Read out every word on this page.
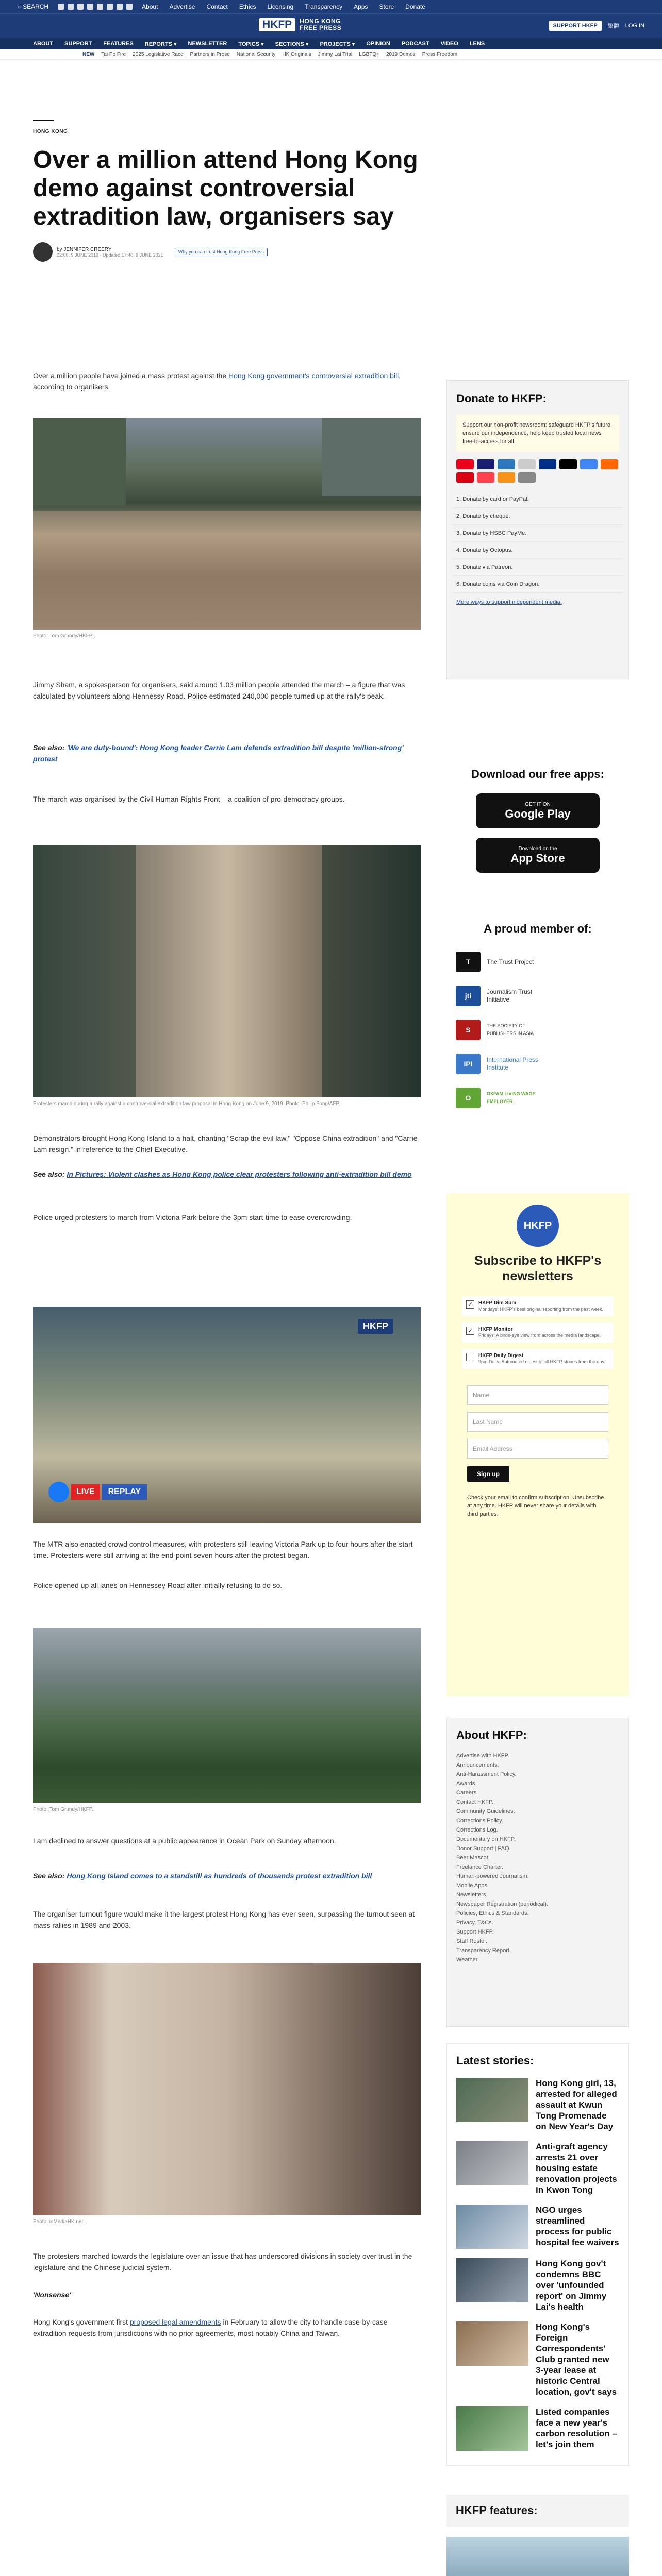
⌕ SEARCH	About Advertise Contact Ethics Licensing Transparency Apps Store Donate
HKFP	HONG KONG
FREE PRESS	SUPPORT HKFP	繁體 LOG IN
ABOUT SUPPORT FEATURES REPORTS ▾ NEWSLETTER TOPICS ▾ SECTIONS ▾ PROJECTS ▾ OPINION PODCAST VIDEO LENS
NEW Tai Po Fire 2025 Legislative Race Partners in Prose National Security HK Originals Jimmy Lai Trial LGBTQ+ 2019 Demos Press Freedom
HONG KONG
Over a million attend Hong Kong demo against controversial extradition law, organisers say
by JENNIFER CREERY
22:00, 9 JUNE 2019 · Updated 17:40, 9 JUNE 2021
Why you can trust Hong Kong Free Press
Over a million people have joined a mass protest against the Hong Kong government's controversial extradition bill, according to organisers.
Photo: Tom Grundy/HKFP.
Jimmy Sham, a spokesperson for organisers, said around 1.03 million people attended the march – a figure that was calculated by volunteers along Hennessy Road. Police estimated 240,000 people turned up at the rally's peak.
See also: 'We are duty-bound': Hong Kong leader Carrie Lam defends extradition bill despite 'million-strong' protest
The march was organised by the Civil Human Rights Front – a coalition of pro-democracy groups.
Protesters march during a rally against a controversial extradition law proposal in Hong Kong on June 9, 2019. Photo: Philip Fong/AFP.
Demonstrators brought Hong Kong Island to a halt, chanting "Scrap the evil law," "Oppose China extradition" and "Carrie Lam resign," in reference to the Chief Executive.
See also: In Pictures: Violent clashes as Hong Kong police clear protesters following anti-extradition bill demo
Police urged protesters to march from Victoria Park before the 3pm start-time to ease overcrowding.
HKFP
LIVE	REPLAY
The MTR also enacted crowd control measures, with protesters still leaving Victoria Park up to four hours after the start time. Protesters were still arriving at the end-point seven hours after the protest began.
Police opened up all lanes on Hennessey Road after initially refusing to do so.
Photo: Tom Grundy/HKFP.
Lam declined to answer questions at a public appearance in Ocean Park on Sunday afternoon.
See also: Hong Kong Island comes to a standstill as hundreds of thousands protest extradition bill
The organiser turnout figure would make it the largest protest Hong Kong has ever seen, surpassing the turnout seen at mass rallies in 1989 and 2003.
Photo: inMediaHK.net.
The protesters marched towards the legislature over an issue that has underscored divisions in society over trust in the legislature and the Chinese judicial system.
'Nonsense'
Hong Kong's government first proposed legal amendments in February to allow the city to handle case-by-case extradition requests from jurisdictions with no prior agreements, most notably China and Taiwan.
Donate to HKFP:
Support our non-profit newsroom: safeguard HKFP's future, ensure our independence, help keep trusted local news free-to-access for all:
1. Donate by card or PayPal.
2. Donate by cheque.
3. Donate by HSBC PayMe.
4. Donate by Octopus.
5. Donate via Patreon.
6. Donate coins via Coin Dragon.
More ways to support independent media.
Download our free apps:
GET IT ON
Google Play
Download on the
App Store
A proud member of:
T	The Trust Project
jti	Journalism Trust Initiative
S	THE SOCIETY OF PUBLISHERS IN ASIA
IPI	International Press Institute
O	OXFAM LIVING WAGE EMPLOYER
HKFP
Subscribe to HKFP's newsletters
✓ HKFP Dim Sum
Mondays: HKFP's best original reporting from the past week.
✓ HKFP Monitor
Fridays: A birds-eye view from across the media landscape.
HKFP Daily Digest
9pm Daily: Automated digest of all HKFP stories from the day.
Name
Last Name
Email Address
Sign up
Check your email to confirm subscription. Unsubscribe at any time. HKFP will never share your details with third parties.
About HKFP:
Advertise with HKFP.
Announcements.
Anti-Harassment Policy.
Awards.
Careers.
Contact HKFP.
Community Guidelines.
Corrections Policy.
Corrections Log.
Documentary on HKFP.
Donor Support | FAQ.
Beer Mascot.
Freelance Charter.
Human-powered Journalism.
Mobile Apps.
Newsletters.
Newspaper Registration (periodical).
Policies, Ethics & Standards.
Privacy, T&Cs.
Support HKFP.
Staff Roster.
Transparency Report.
Weather.
Latest stories:
Hong Kong girl, 13, arrested for alleged assault at Kwun Tong Promenade on New Year's Day
Anti-graft agency arrests 21 over housing estate renovation projects in Kwon Tong
NGO urges streamlined process for public hospital fee waivers
Hong Kong gov't condemns BBC over 'unfounded report' on Jimmy Lai's health
Hong Kong's Foreign Correspondents' Club granted new 3-year lease at historic Central location, gov't says
Listed companies face a new year's carbon resolution – let's join them
HKFP features:
